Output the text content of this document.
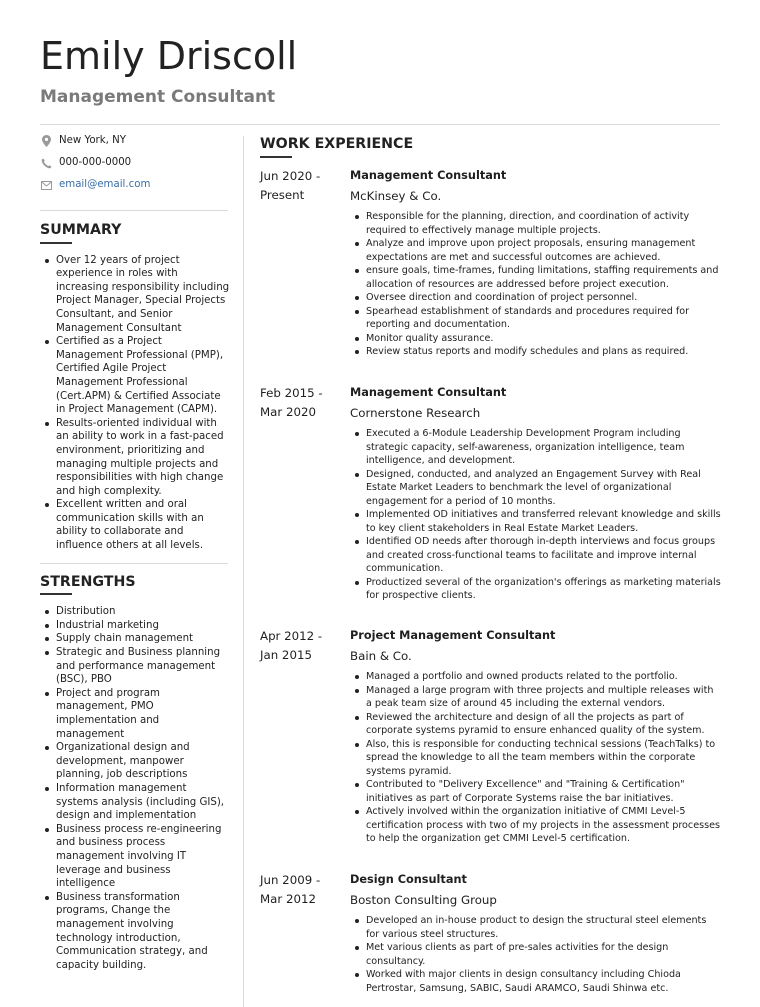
Emily Driscoll
Management Consultant
New York, NY
000-000-0000
email@email.com
SUMMARY
Over 12 years of project experience in roles with increasing responsibility including Project Manager, Special Projects Consultant, and Senior Management Consultant
Certified as a Project Management Professional (PMP), Certified Agile Project Management Professional (Cert.APM) & Certified Associate in Project Management (CAPM).
Results-oriented individual with an ability to work in a fast-paced environment, prioritizing and managing multiple projects and responsibilities with high change and high complexity.
Excellent written and oral communication skills with an ability to collaborate and influence others at all levels.
STRENGTHS
Distribution
Industrial marketing
Supply chain management
Strategic and Business planning and performance management (BSC), PBO
Project and program management, PMO implementation and management
Organizational design and development, manpower planning, job descriptions
Information management systems analysis (including GIS), design and implementation
Business process re-engineering and business process management involving IT leverage and business intelligence
Business transformation programs, Change the management involving technology introduction, Communication strategy, and capacity building.
WORK EXPERIENCE
Jun 2020 -
Present
Management Consultant
McKinsey & Co.
Responsible for the planning, direction, and coordination of activity required to effectively manage multiple projects.
Analyze and improve upon project proposals, ensuring management expectations are met and successful outcomes are achieved.
ensure goals, time-frames, funding limitations, staffing requirements and allocation of resources are addressed before project execution.
Oversee direction and coordination of project personnel.
Spearhead establishment of standards and procedures required for reporting and documentation.
Monitor quality assurance.
Review status reports and modify schedules and plans as required.
Feb 2015 -
Mar 2020
Management Consultant
Cornerstone Research
Executed a 6-Module Leadership Development Program including strategic capacity, self-awareness, organization intelligence, team intelligence, and development.
Designed, conducted, and analyzed an Engagement Survey with Real Estate Market Leaders to benchmark the level of organizational engagement for a period of 10 months.
Implemented OD initiatives and transferred relevant knowledge and skills to key client stakeholders in Real Estate Market Leaders.
Identified OD needs after thorough in-depth interviews and focus groups and created cross-functional teams to facilitate and improve internal communication.
Productized several of the organization's offerings as marketing materials for prospective clients.
Apr 2012 -
Jan 2015
Project Management Consultant
Bain & Co.
Managed a portfolio and owned products related to the portfolio.
Managed a large program with three projects and multiple releases with a peak team size of around 45 including the external vendors.
Reviewed the architecture and design of all the projects as part of corporate systems pyramid to ensure enhanced quality of the system.
Also, this is responsible for conducting technical sessions (TeachTalks) to spread the knowledge to all the team members within the corporate systems pyramid.
Contributed to "Delivery Excellence" and "Training & Certification" initiatives as part of Corporate Systems raise the bar initiatives.
Actively involved within the organization initiative of CMMI Level-5 certification process with two of my projects in the assessment processes to help the organization get CMMI Level-5 certification.
Jun 2009 -
Mar 2012
Design Consultant
Boston Consulting Group
Developed an in-house product to design the structural steel elements for various steel structures.
Met various clients as part of pre-sales activities for the design consultancy.
Worked with major clients in design consultancy including Chioda Pertrostar, Samsung, SABIC, Saudi ARAMCO, Saudi Shinwa etc.
